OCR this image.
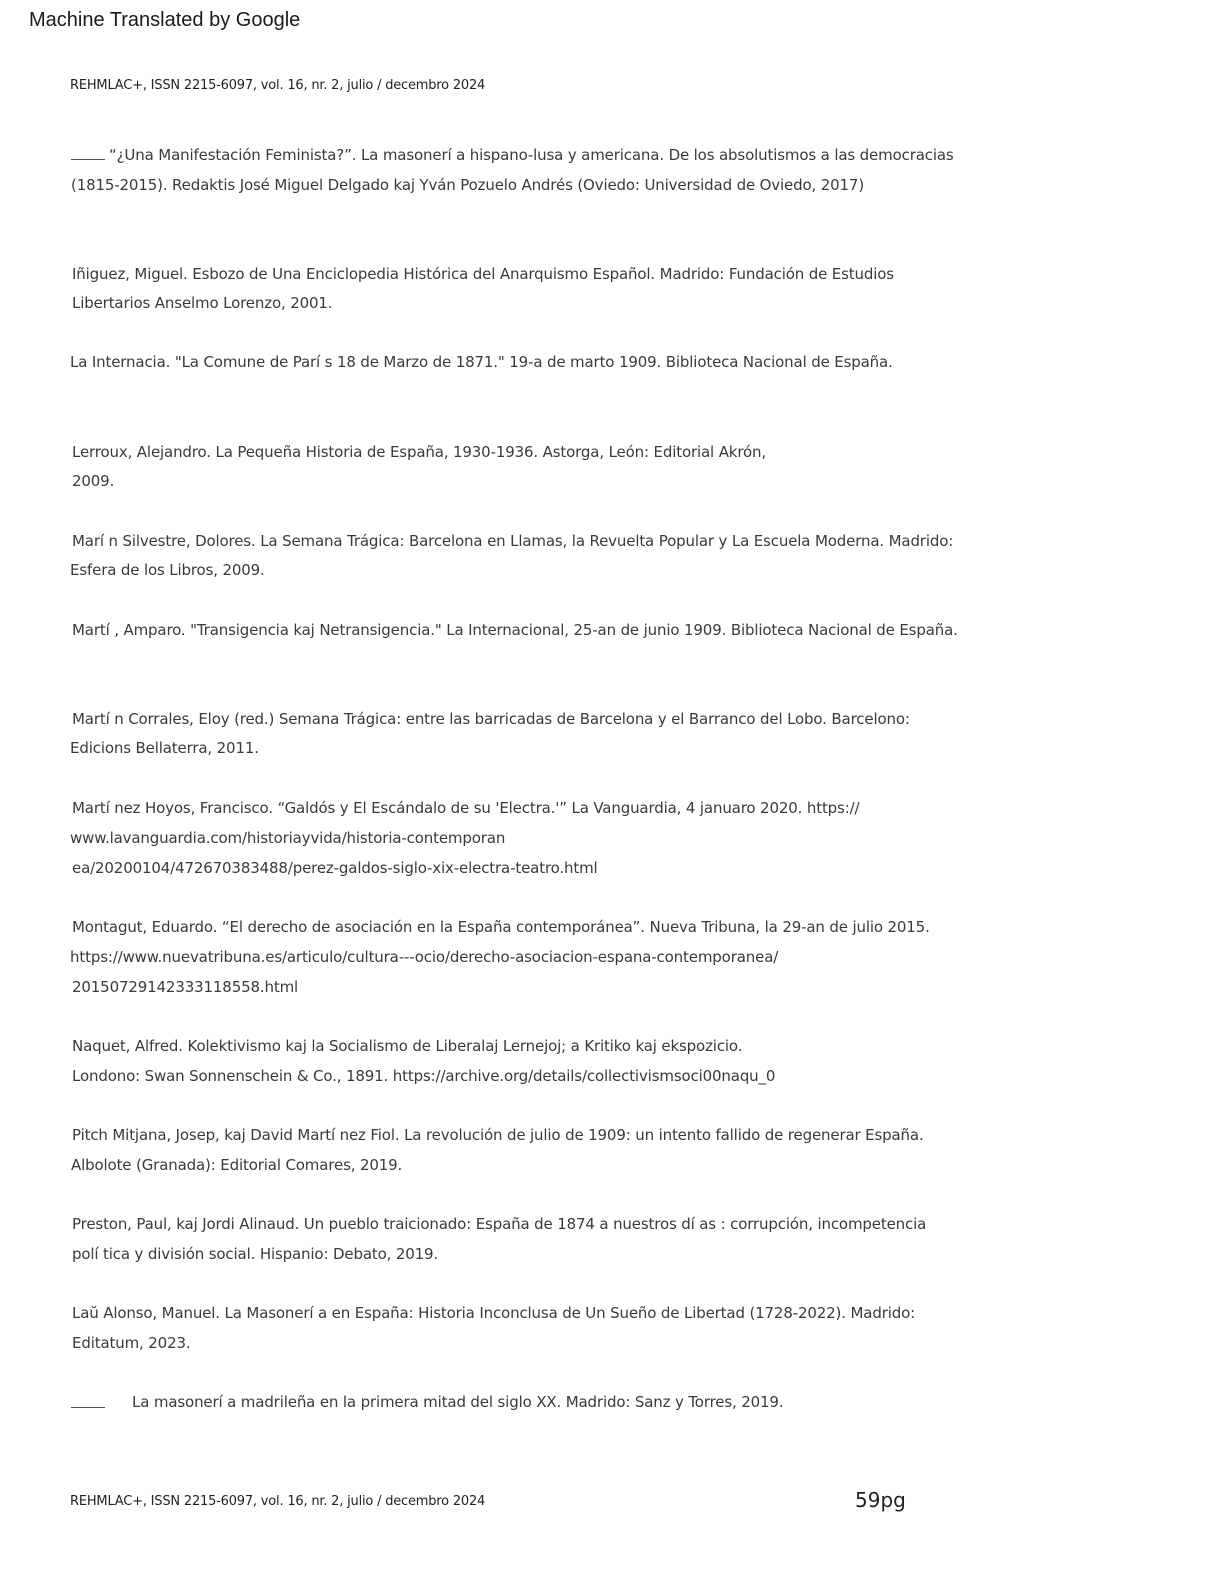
Machine Translated by Google
REHMLAC+, ISSN 2215-6097, vol. 16, nr. 2, julio / decembro 2024
“¿Una Manifestación Feminista?”. La masonerí a hispano-lusa y americana. De los absolutismos a las democracias
(1815-2015). Redaktis José Miguel Delgado kaj Yván Pozuelo Andrés (Oviedo: Universidad de Oviedo, 2017)
Iñiguez, Miguel. Esbozo de Una Enciclopedia Histórica del Anarquismo Español. Madrido: Fundación de Estudios
Libertarios Anselmo Lorenzo, 2001.
La Internacia. "La Comune de Parí s 18 de Marzo de 1871." 19-a de marto 1909. Biblioteca Nacional de España.
Lerroux, Alejandro. La Pequeña Historia de España, 1930-1936. Astorga, León: Editorial Akrón,
2009.
Marí n Silvestre, Dolores. La Semana Trágica: Barcelona en Llamas, la Revuelta Popular y La Escuela Moderna. Madrido:
Esfera de los Libros, 2009.
Martí , Amparo. "Transigencia kaj Netransigencia." La Internacional, 25-an de junio 1909. Biblioteca Nacional de España.
Martí n Corrales, Eloy (red.) Semana Trágica: entre las barricadas de Barcelona y el Barranco del Lobo. Barcelono:
Edicions Bellaterra, 2011.
Martí nez Hoyos, Francisco. “Galdós y El Escándalo de su 'Electra.'” La Vanguardia, 4 januaro 2020. https://
www.lavanguardia.com/historiayvida/historia-contemporan
ea/20200104/472670383488/perez-galdos-siglo-xix-electra-teatro.html
Montagut, Eduardo. “El derecho de asociación en la España contemporánea”. Nueva Tribuna, la 29-an de julio 2015.
https://www.nuevatribuna.es/articulo/cultura---ocio/derecho-asociacion-espana-contemporanea/
20150729142333118558.html
Naquet, Alfred. Kolektivismo kaj la Socialismo de Liberalaj Lernejoj; a Kritiko kaj ekspozicio.
Londono: Swan Sonnenschein & Co., 1891. https://archive.org/details/collectivismsoci00naqu_0
Pitch Mitjana, Josep, kaj David Martí nez Fiol. La revolución de julio de 1909: un intento fallido de regenerar España.
Albolote (Granada): Editorial Comares, 2019.
Preston, Paul, kaj Jordi Alinaud. Un pueblo traicionado: España de 1874 a nuestros dí as : corrupción, incompetencia
polí tica y división social. Hispanio: Debato, 2019.
Laŭ Alonso, Manuel. La Masonerí a en España: Historia Inconclusa de Un Sueño de Libertad (1728-2022). Madrido:
Editatum, 2023.
La masonerí a madrileña en la primera mitad del siglo XX. Madrido: Sanz y Torres, 2019.
REHMLAC+, ISSN 2215-6097, vol. 16, nr. 2, julio / decembro 2024	59pg
